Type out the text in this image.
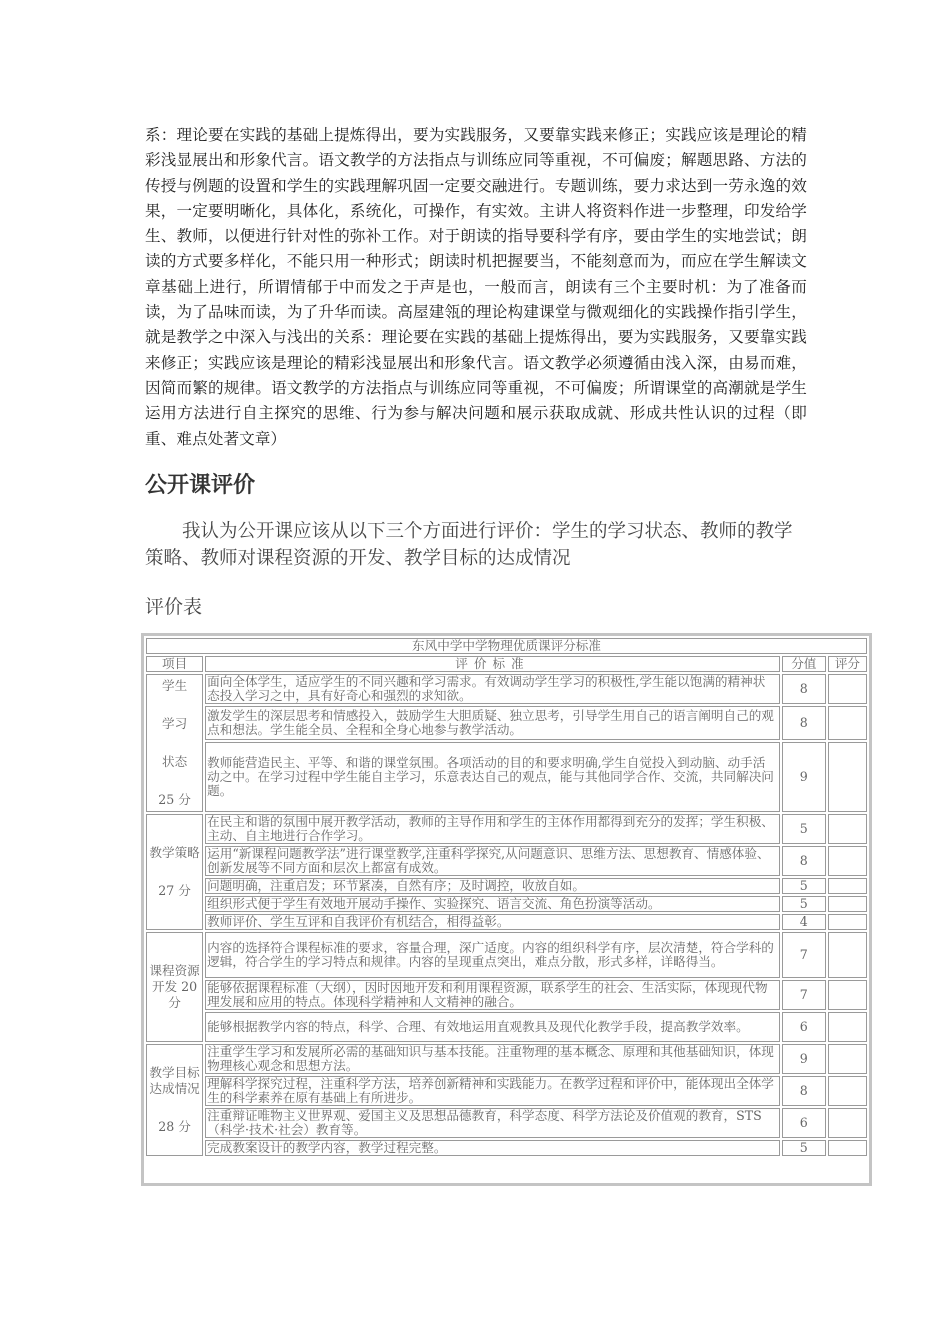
系：理论要在实践的基础上提炼得出，要为实践服务，又要靠实践来修正；实践应该是理论的精彩浅显展出和形象代言。语文教学的方法指点与训练应同等重视，不可偏废；解题思路、方法的传授与例题的设置和学生的实践理解巩固一定要交融进行。专题训练，要力求达到一劳永逸的效果，一定要明晰化，具体化，系统化，可操作，有实效。主讲人将资料作进一步整理，印发给学生、教师，以便进行针对性的弥补工作。对于朗读的指导要科学有序，要由学生的实地尝试；朗读的方式要多样化，不能只用一种形式；朗读时机把握要当，不能刻意而为，而应在学生解读文章基础上进行，所谓情郁于中而发之于声是也，一般而言，朗读有三个主要时机：为了准备而读，为了品味而读，为了升华而读。高屋建瓴的理论构建课堂与微观细化的实践操作指引学生，就是教学之中深入与浅出的关系：理论要在实践的基础上提炼得出，要为实践服务，又要靠实践来修正；实践应该是理论的精彩浅显展出和形象代言。语文教学必须遵循由浅入深，由易而难，因简而繁的规律。语文教学的方法指点与训练应同等重视，不可偏废；所谓课堂的高潮就是学生运用方法进行自主探究的思维、行为参与解决问题和展示获取成就、形成共性认识的过程（即重、难点处著文章）

公开课评价

我认为公开课应该从以下三个方面进行评价：学生的学习状态、教师的教学策略、教师对课程资源的开发、教学目标的达成情况

评价表

东风中学中学物理优质课评分标准			
项目	评价标准	分值	评分

学生
学习
状态
25 分	面向全体学生，适应学生的不同兴趣和学习需求。有效调动学生学习的积极性,学生能以饱满的精神状态投入学习之中，具有好奇心和强烈的求知欲。	8	
	激发学生的深层思考和情感投入，鼓励学生大胆质疑、独立思考，引导学生用自己的语言阐明自己的观点和想法。学生能全员、全程和全身心地参与教学活动。	8	
	教师能营造民主、平等、和谐的课堂氛围。各项活动的目的和要求明确,学生自觉投入到动脑、动手活动之中。在学习过程中学生能自主学习，乐意表达自己的观点，能与其他同学合作、交流，共同解决问题。	9	

教学策略
27 分	在民主和谐的氛围中展开教学活动，教师的主导作用和学生的主体作用都得到充分的发挥；学生积极、主动、自主地进行合作学习。	5	
	运用“新课程问题教学法”进行课堂教学,注重科学探究,从问题意识、思维方法、思想教育、情感体验、创新发展等不同方面和层次上都富有成效。	8	
	问题明确，注重启发；环节紧凑，自然有序；及时调控，收放自如。	5	
	组织形式便于学生有效地开展动手操作、实验探究、语言交流、角色扮演等活动。	5	
	教师评价、学生互评和自我评价有机结合，相得益彰。	4	

课程资源
开发 20
分	内容的选择符合课程标准的要求，容量合理，深广适度。内容的组织科学有序，层次清楚，符合学科的逻辑，符合学生的学习特点和规律。内容的呈现重点突出，难点分散，形式多样，详略得当。	7	
	能够依据课程标准（大纲），因时因地开发和利用课程资源，联系学生的社会、生活实际，体现现代物理发展和应用的特点。体现科学精神和人文精神的融合。	7	
	能够根据教学内容的特点，科学、合理、有效地运用直观教具及现代化教学手段，提高教学效率。	6	

教学目标
达成情况
28 分	注重学生学习和发展所必需的基础知识与基本技能。注重物理的基本概念、原理和其他基础知识，体现物理核心观念和思想方法。	9	
	理解科学探究过程，注重科学方法，培养创新精神和实践能力。在教学过程和评价中，能体现出全体学生的科学素养在原有基础上有所进步。	8	
	注重辩证唯物主义世界观、爱国主义及思想品德教育，科学态度、科学方法论及价值观的教育，STS（科学·技术·社会）教育等。	6	
	完成教案设计的教学内容，教学过程完整。	5	
